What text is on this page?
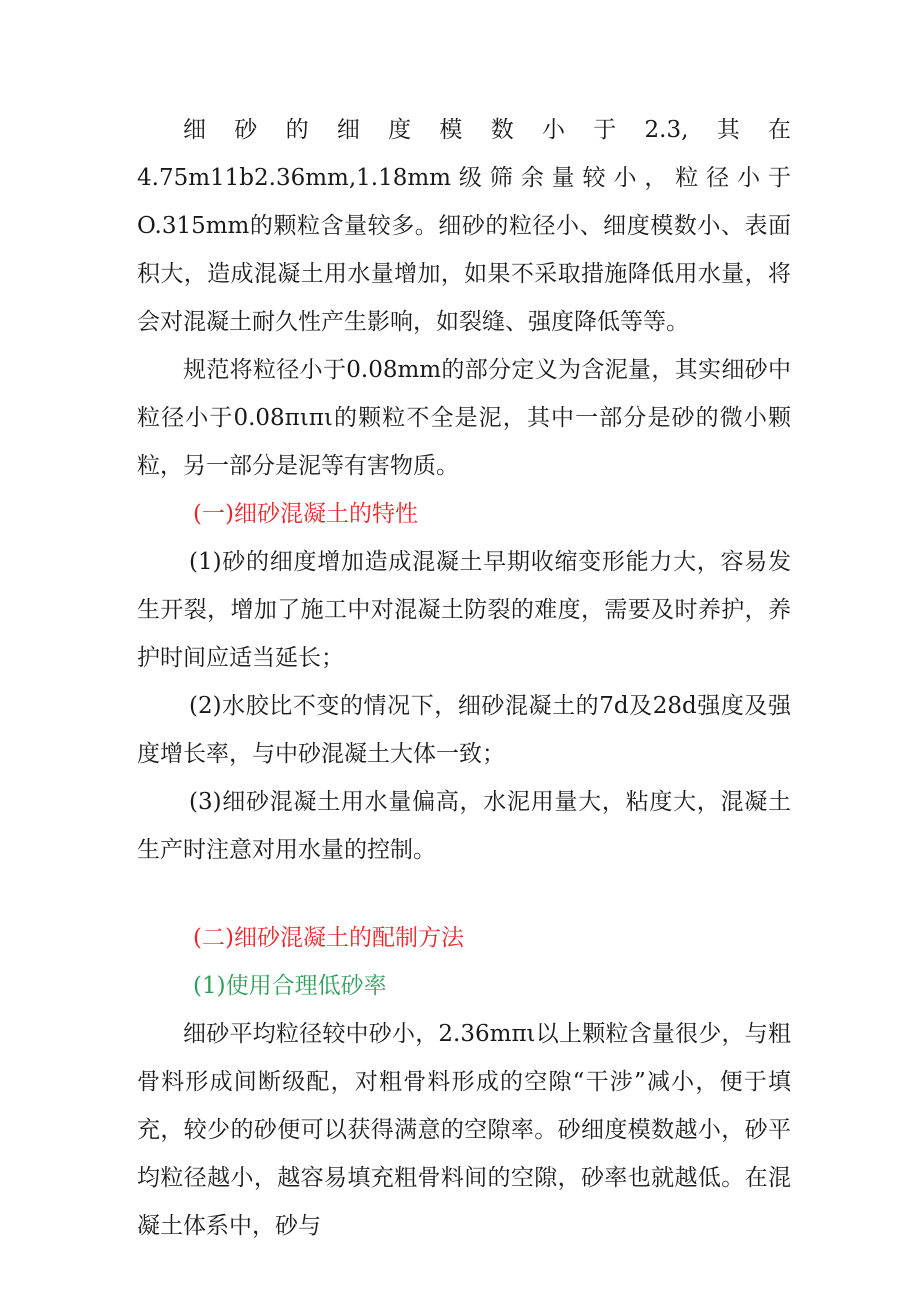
细砂的细度模数小于2.3,其在4.75m11b2.36mm,1.18mm级筛余量较小，粒径小于O.315mm的颗粒含量较多。细砂的粒径小、细度模数小、表面积大，造成混凝土用水量增加，如果不采取措施降低用水量，将会对混凝土耐久性产生影响，如裂缝、强度降低等等。

规范将粒径小于0.08mm的部分定义为含泥量，其实细砂中粒径小于0.08πιπι的颗粒不全是泥，其中一部分是砂的微小颗粒，另一部分是泥等有害物质。

(一)细砂混凝土的特性

(1)砂的细度增加造成混凝土早期收缩变形能力大，容易发生开裂，增加了施工中对混凝土防裂的难度，需要及时养护，养护时间应适当延长；

(2)水胶比不变的情况下，细砂混凝土的7d及28d强度及强度增长率，与中砂混凝土大体一致；

(3)细砂混凝土用水量偏高，水泥用量大，粘度大，混凝土生产时注意对用水量的控制。

(二)细砂混凝土的配制方法

(1)使用合理低砂率

细砂平均粒径较中砂小，2.36mπι以上颗粒含量很少，与粗骨料形成间断级配，对粗骨料形成的空隙“干涉”减小，便于填充，较少的砂便可以获得满意的空隙率。砂细度模数越小，砂平均粒径越小，越容易填充粗骨料间的空隙，砂率也就越低。在混凝土体系中，砂与
